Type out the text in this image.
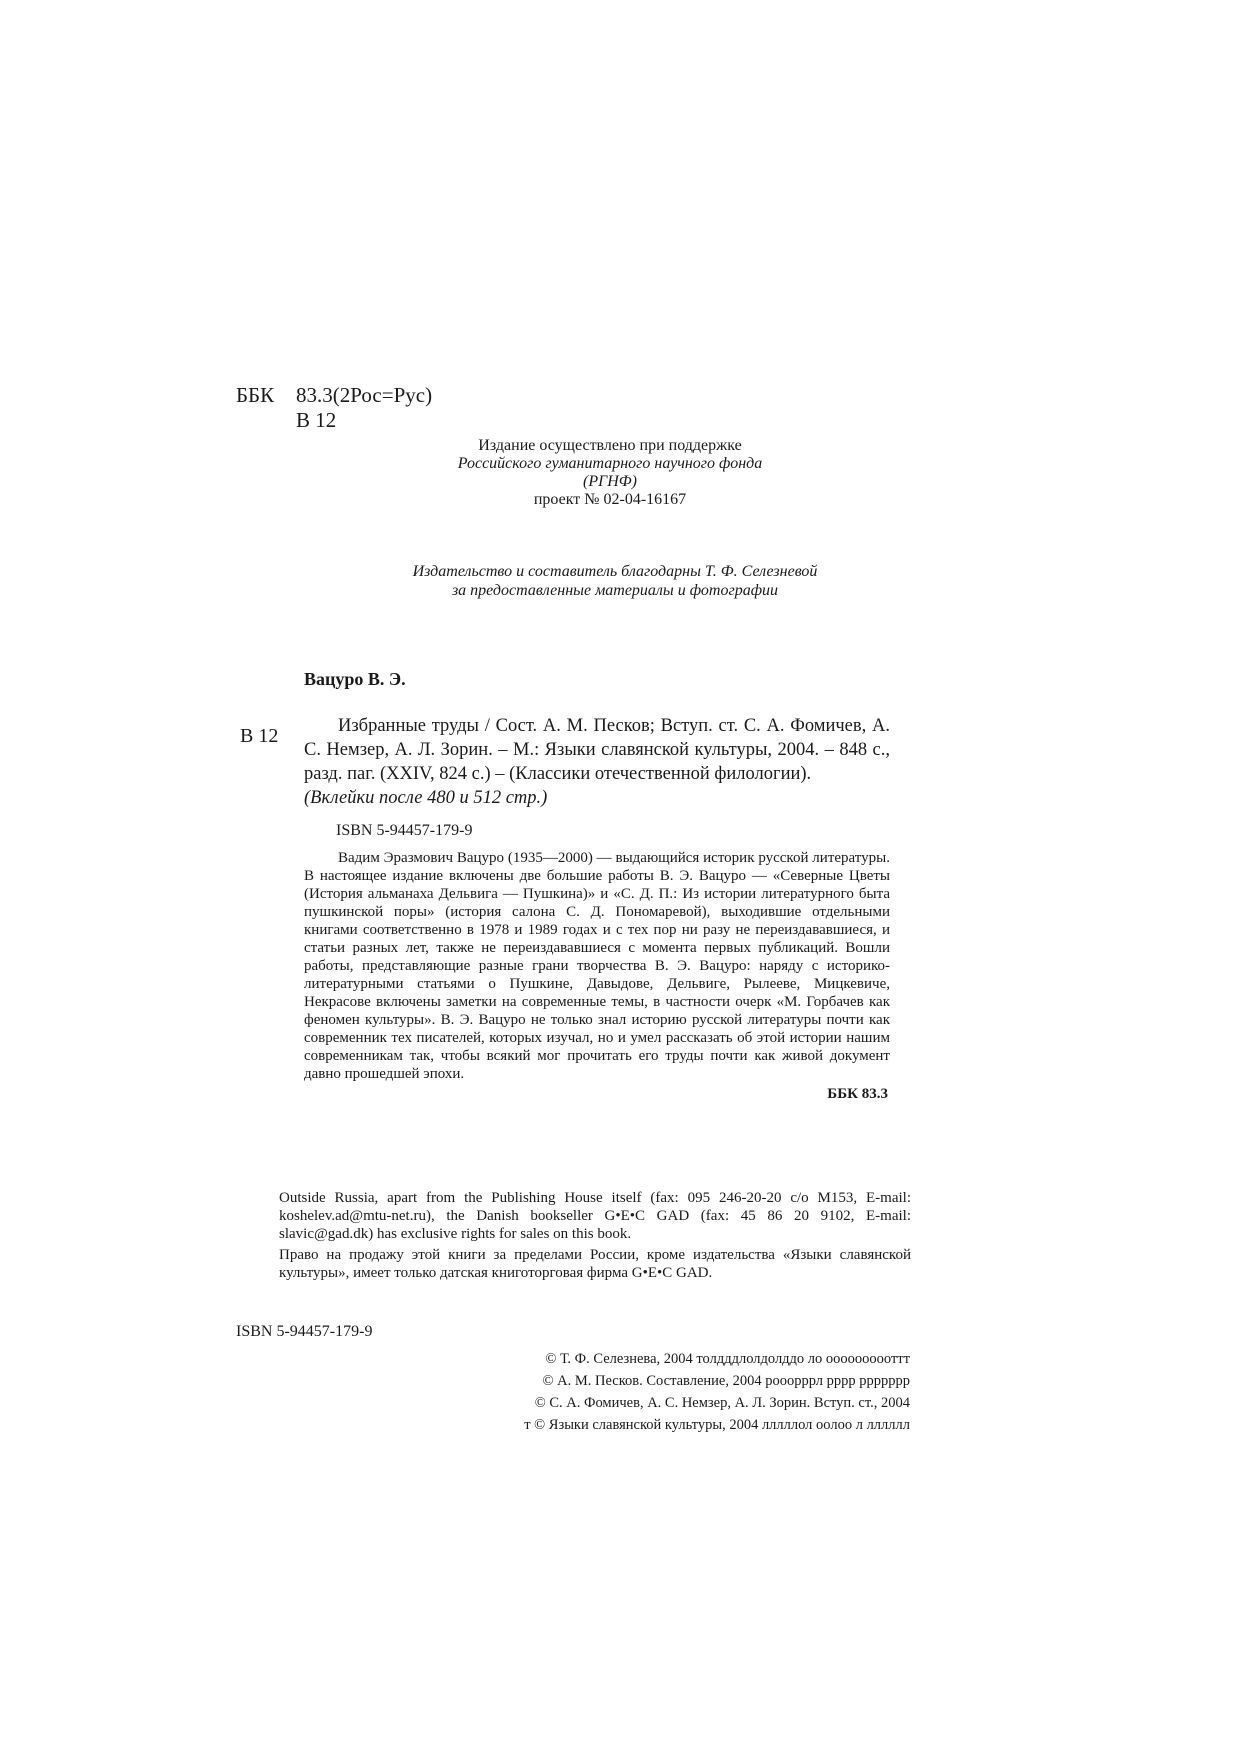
ББК 83.3(2Рос=Рус)
В 12
Издание осуществлено при поддержке
Российского гуманитарного научного фонда
(РГНФ)
проект № 02-04-16167
Издательство и составитель благодарны Т. Ф. Селезневой
за предоставленные материалы и фотографии
Вацуро В. Э.
В 12	Избранные труды / Сост. А. М. Песков; Вступ. ст. С. А. Фомичев, А. С. Немзер, А. Л. Зорин. – М.: Языки славянской культуры, 2004. – 848 с., разд. паг. (XXIV, 824 с.) – (Классики отечественной филологии).

(Вклейки после 480 и 512 стр.)

ISBN 5-94457-179-9

Вадим Эразмович Вацуро (1935—2000) — выдающийся историк русской литературы. В настоящее издание включены две большие работы В. Э. Вацуро — «Северные Цветы (История альманаха Дельвига — Пушкина)» и «С. Д. П.: Из истории литературного быта пушкинской поры» (история салона С. Д. Пономаревой), выходившие отдельными книгами соответственно в 1978 и 1989 годах и с тех пор ни разу не переиздававшиеся, и статьи разных лет, также не переиздававшиеся с момента первых публикаций. Вошли работы, представляющие разные грани творчества В. Э. Вацуро: наряду с историко-литературными статьями о Пушкине, Давыдове, Дельвиге, Рылееве, Мицкевиче, Некрасове включены заметки на современные темы, в частности очерк «М. Горбачев как феномен культуры». В. Э. Вацуро не только знал историю русской литературы почти как современник тех писателей, которых изучал, но и умел рассказать об этой истории нашим современникам так, чтобы всякий мог прочитать его труды почти как живой документ давно прошедшей эпохи.

ББК 83.3

Outside Russia, apart from the Publishing House itself (fax: 095 246-20-20 c/o M153, E-mail: koshelev.ad@mtu-net.ru), the Danish bookseller G•E•C GAD (fax: 45 86 20 9102, E-mail: slavic@gad.dk) has exclusive rights for sales on this book.

Право на продажу этой книги за пределами России, кроме издательства «Языки славянской культуры», имеет только датская книготорговая фирма G•E•C GAD.

ISBN 5-94457-179-9
© Т. Ф. Селезнева, 2004 толдддлолдолддо ло оооооооооттт
© А. М. Песков. Составление, 2004 рооорррл рррр ррррррр
© С. А. Фомичев, А. С. Немзер, А. Л. Зорин. Вступ. ст., 2004
т © Языки славянской культуры, 2004 лллллол оолоо л лллллл
